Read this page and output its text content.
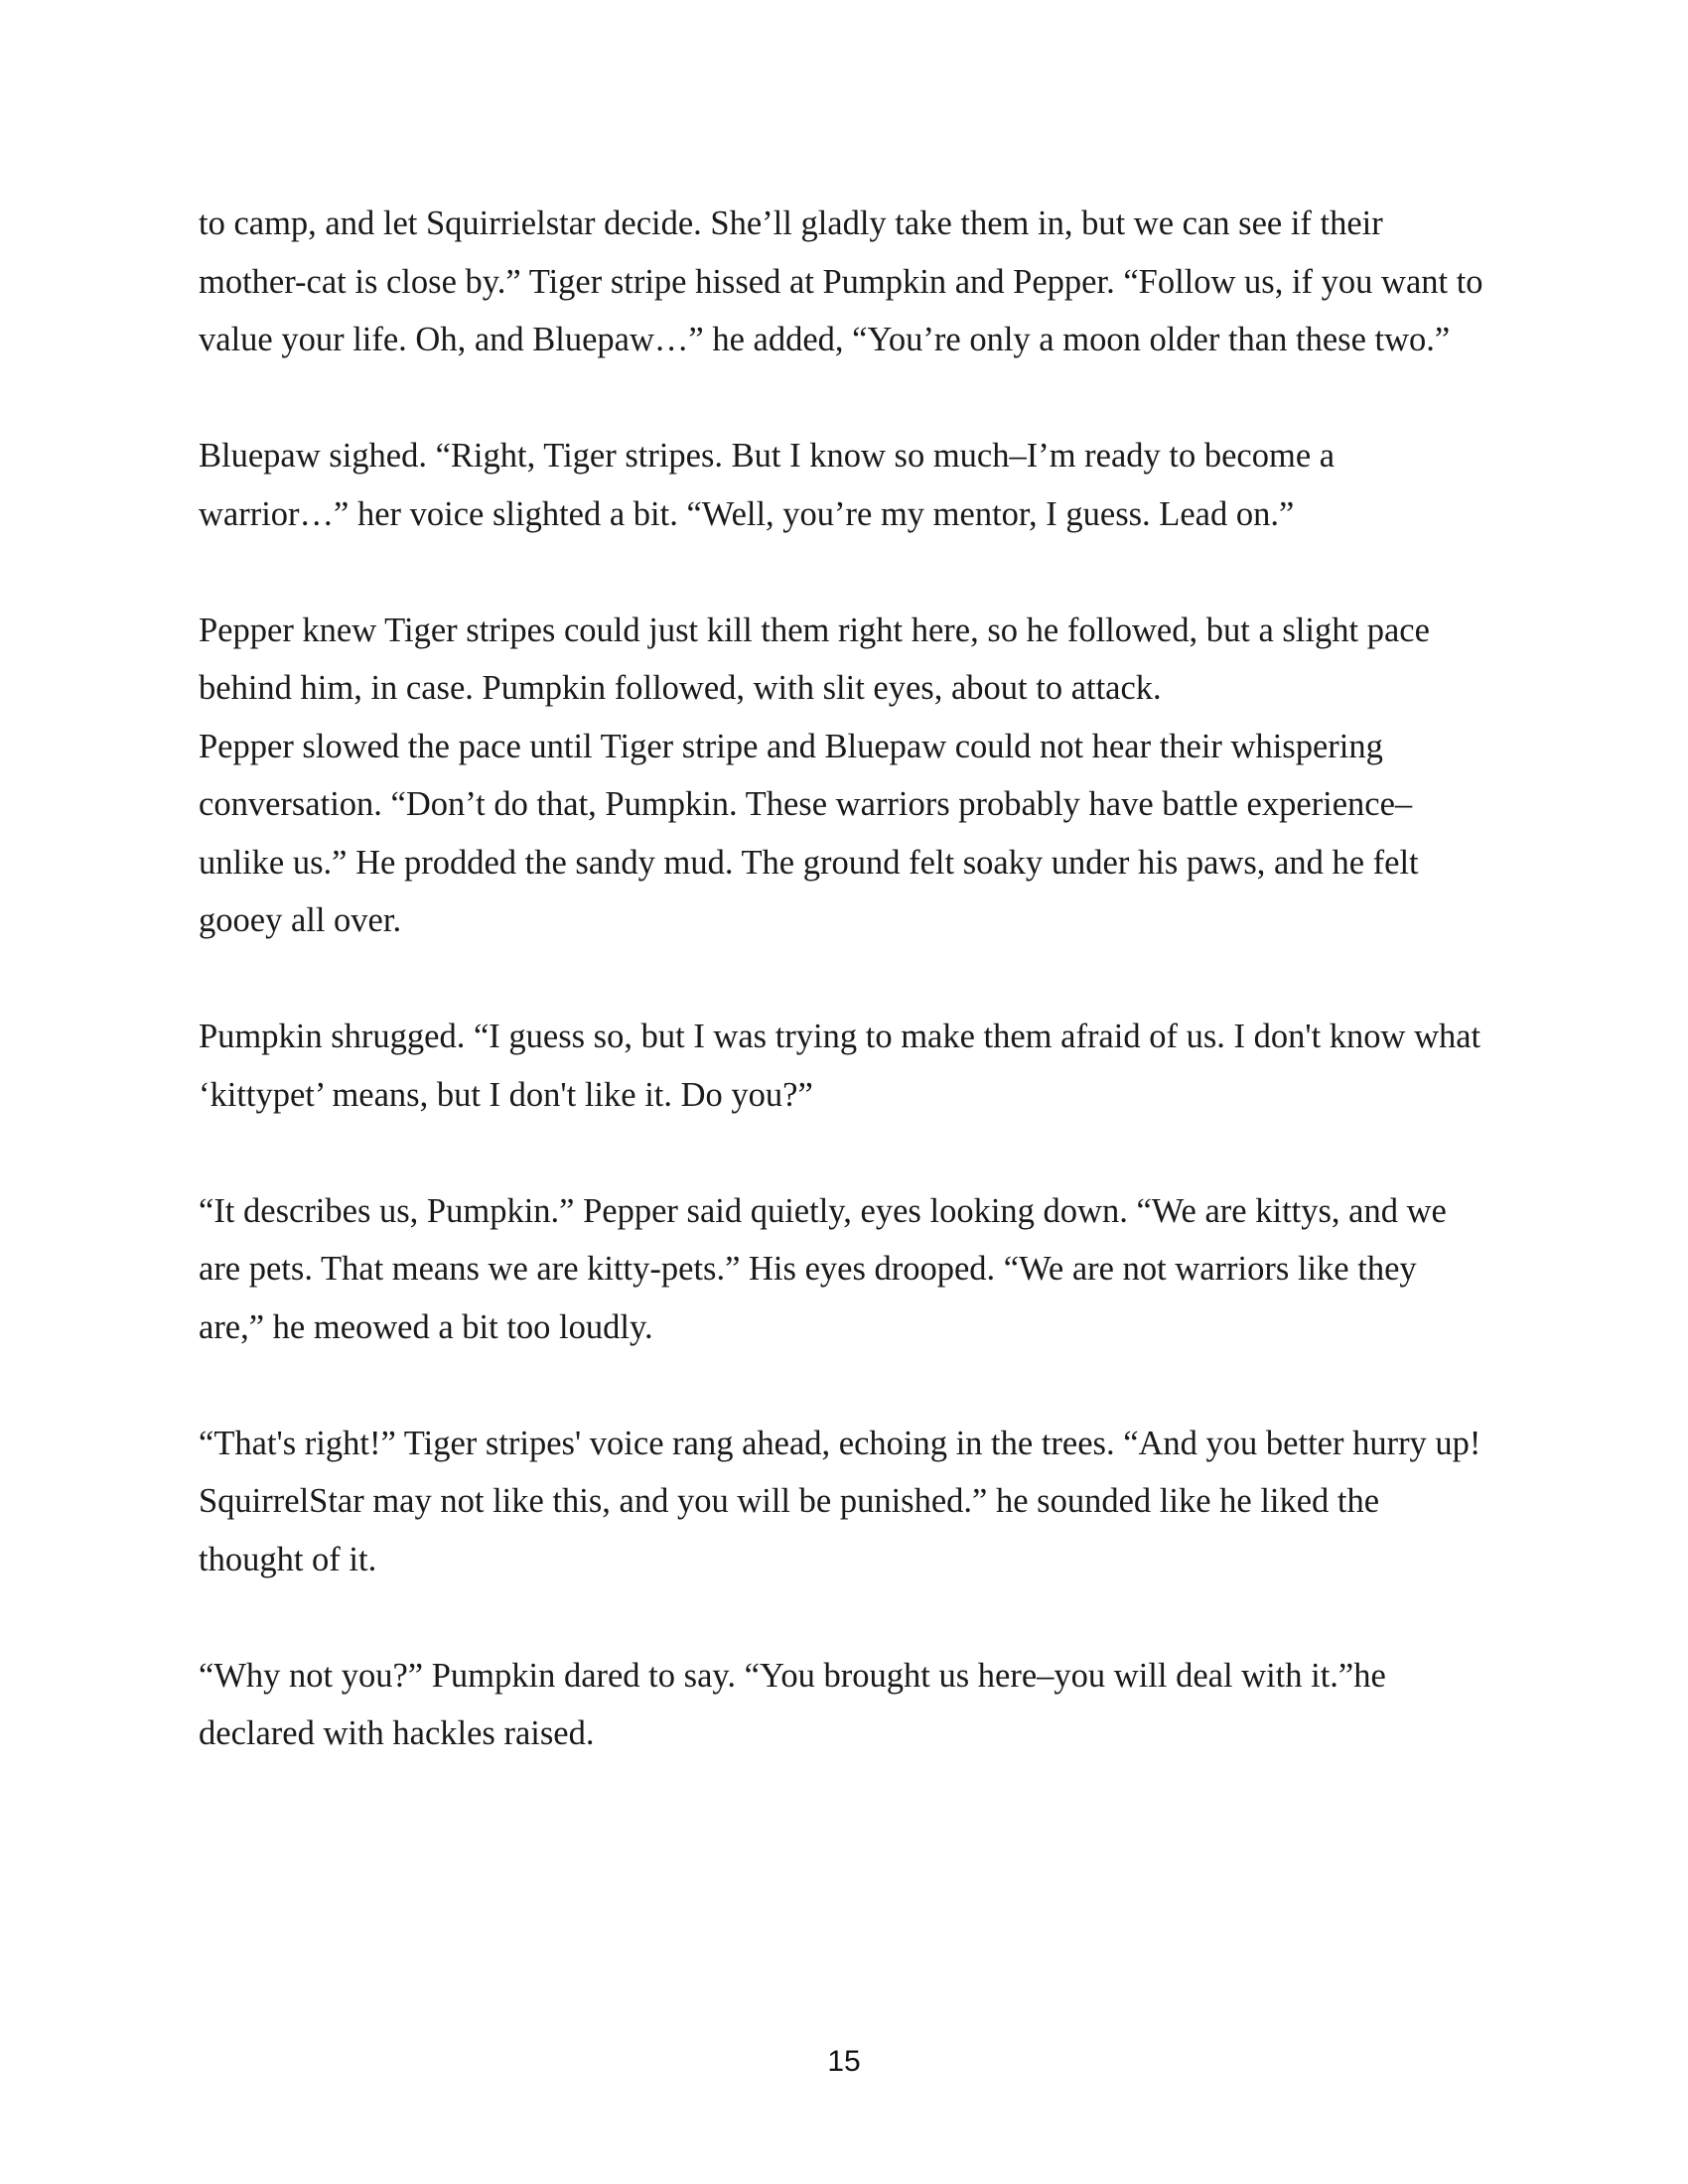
to camp, and let Squirrielstar decide. She’ll gladly take them in, but we can see if their mother-cat is close by.” Tiger stripe hissed at Pumpkin and Pepper. “Follow us, if you want to value your life. Oh, and Bluepaw…” he added, “You’re only a moon older than these two.”

Bluepaw sighed. “Right, Tiger stripes. But I know so much–I’m ready to become a warrior…” her voice slighted a bit. “Well, you’re my mentor, I guess. Lead on.”

Pepper knew Tiger stripes could just kill them right here, so he followed, but a slight pace behind him, in case. Pumpkin followed, with slit eyes, about to attack.

Pepper slowed the pace until Tiger stripe and Bluepaw could not hear their whispering conversation. “Don’t do that, Pumpkin. These warriors probably have battle experience–unlike us.” He prodded the sandy mud. The ground felt soaky under his paws, and he felt gooey all over.

Pumpkin shrugged. “I guess so, but I was trying to make them afraid of us. I don't know what ‘kittypet’ means, but I don't like it. Do you?”

“It describes us, Pumpkin.” Pepper said quietly, eyes looking down. “We are kittys, and we are pets. That means we are kitty-pets.” His eyes drooped. “We are not warriors like they are,” he meowed a bit too loudly.

“That's right!” Tiger stripes' voice rang ahead, echoing in the trees. “And you better hurry up! SquirrelStar may not like this, and you will be punished.” he sounded like he liked the thought of it.

“Why not you?” Pumpkin dared to say. “You brought us here–you will deal with it.”he declared with hackles raised.

15
